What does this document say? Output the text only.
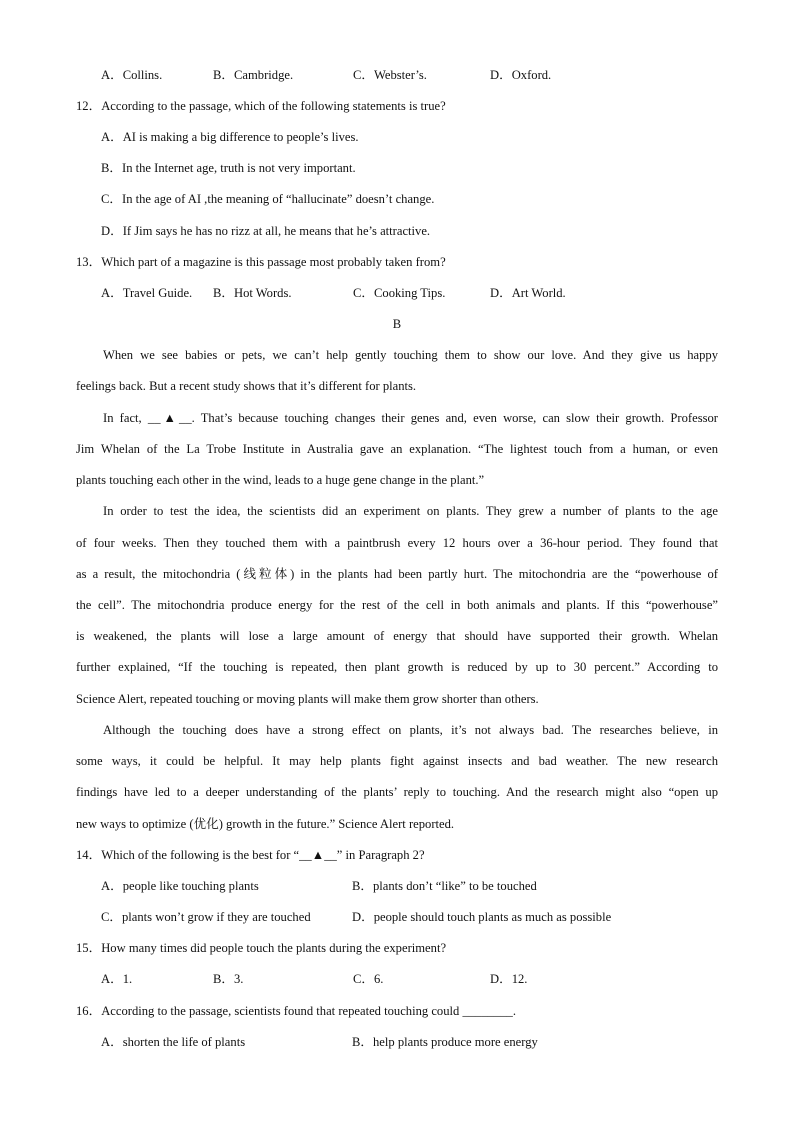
A．Collins.	B．Cambridge.	C．Webster’s.	D．Oxford.
12．According to the passage, which of the following statements is true?
A．AI is making a big difference to people’s lives.
B．In the Internet age, truth is not very important.
C．In the age of AI ,the meaning of “hallucinate” doesn’t change.
D．If Jim says he has no rizz at all, he means that he’s attractive.
13．Which part of a magazine is this passage most probably taken from?
A．Travel Guide. B．Hot Words.	C．Cooking Tips.	D．Art World.
B
When we see babies or pets, we can’t help gently touching them to show our love. And they give us happy
feelings back. But a recent study shows that it’s different for plants.
In fact, __▲__. That’s because touching changes their genes and, even worse, can slow their growth. Professor
Jim Whelan of the La Trobe Institute in Australia gave an explanation. “The lightest touch from a human, or even
plants touching each other in the wind, leads to a huge gene change in the plant.”
In order to test the idea, the scientists did an experiment on plants. They grew a number of plants to the age
of four weeks. Then they touched them with a paintbrush every 12 hours over a 36-hour period. They found that
as a result, the mitochondria (线粒体) in the plants had been partly hurt. The mitochondria are the “powerhouse of
the cell”. The mitochondria produce energy for the rest of the cell in both animals and plants. If this “powerhouse”
is weakened, the plants will lose a large amount of energy that should have supported their growth. Whelan
further explained, “If the touching is repeated, then plant growth is reduced by up to 30 percent.” According to
Science Alert, repeated touching or moving plants will make them grow shorter than others.
Although the touching does have a strong effect on plants, it’s not always bad. The researches believe, in
some ways, it could be helpful. It may help plants fight against insects and bad weather. The new research
findings have led to a deeper understanding of the plants’ reply to touching. And the research might also “open up
new ways to optimize (优化) growth in the future.” Science Alert reported.
14．Which of the following is the best for “__▲__” in Paragraph 2?
A．people like touching plants	B．plants don’t “like” to be touched
C．plants won’t grow if they are touched	D．people should touch plants as much as possible
15．How many times did people touch the plants during the experiment?
A．1.	B．3.	C．6.	D．12.
16．According to the passage, scientists found that repeated touching could ________.
A．shorten the life of plants	B．help plants produce more energy
